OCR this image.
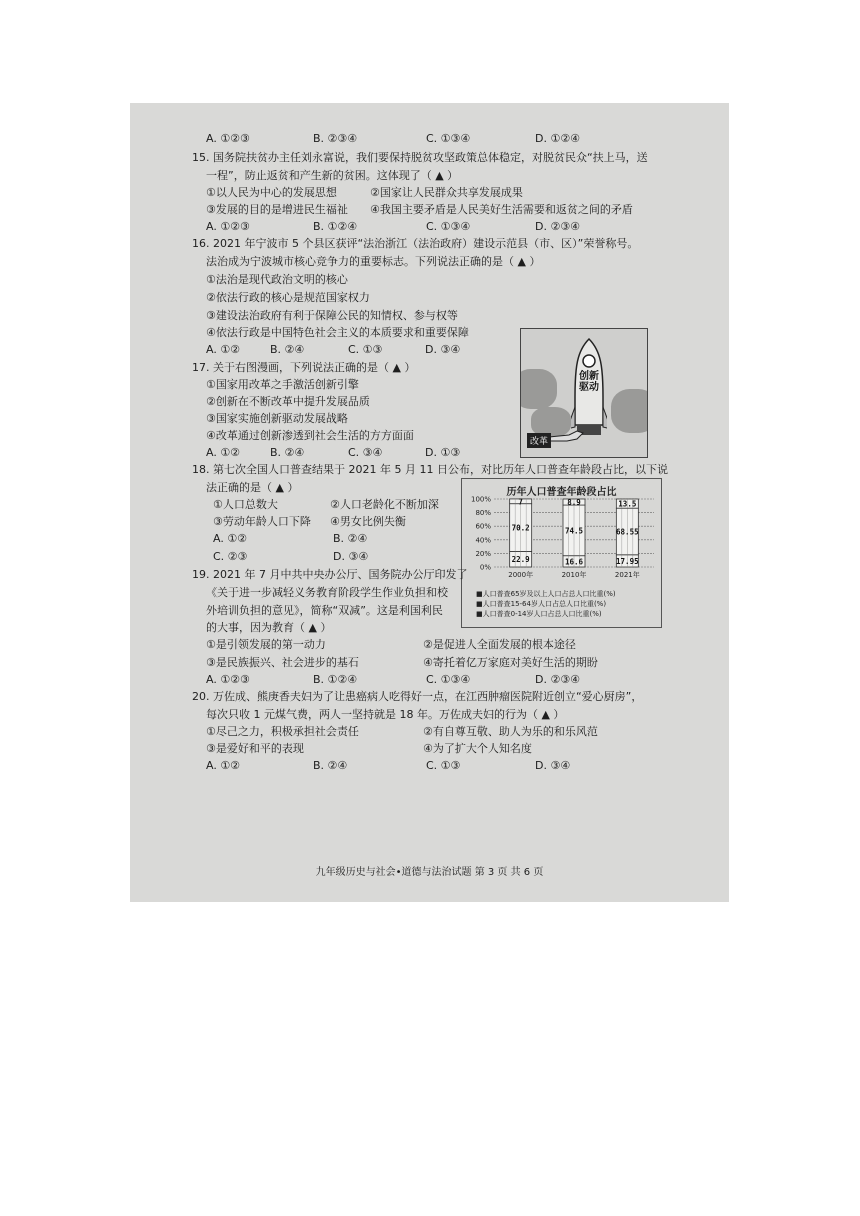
A. ①②③	B. ②③④	C. ①③④	D. ①②④
15. 国务院扶贫办主任刘永富说，我们要保持脱贫攻坚政策总体稳定，对脱贫民众“扶上马，送
一程”，防止返贫和产生新的贫困。这体现了（ ▲ ）
①以人民为中心的发展思想	②国家让人民群众共享发展成果
③发展的目的是增进民生福祉 ④我国主要矛盾是人民美好生活需要和返贫之间的矛盾
A. ①②③	B. ①②④	C. ①③④	D. ②③④
16. 2021 年宁波市 5 个县区获评“法治浙江（法治政府）建设示范县（市、区）”荣誉称号。
法治成为宁波城市核心竞争力的重要标志。下列说法正确的是（ ▲ ）
①法治是现代政治文明的核心
②依法行政的核心是规范国家权力
③建设法治政府有利于保障公民的知情权、参与权等
④依法行政是中国特色社会主义的本质要求和重要保障
A. ①②	B. ②④	C. ①③	D. ③④
17. 关于右图漫画，下列说法正确的是（ ▲ ）
①国家用改革之手激活创新引擎
②创新在不断改革中提升发展品质
③国家实施创新驱动发展战略
④改革通过创新渗透到社会生活的方方面面
A. ①②	B. ②④	C. ③④	D. ①③
创新驱动
改革
18. 第七次全国人口普查结果于 2021 年 5 月 11 日公布，对比历年人口普查年龄段占比，以下说
法正确的是（ ▲ ）
①人口总数大	②人口老龄化不断加深
③劳动年龄人口下降 ④男女比例失衡
A. ①②	B. ②④
C. ②③	D. ③④
历年人口普查年龄段占比
0%
20%
40%
60%
80%
100%
22.9
70.2
7
2000年
16.6
74.5
8.9
2010年
17.95
68.55
13.5
2021年
■人口普查65岁及以上人口占总人口比重(%)
■人口普查15-64岁人口占总人口比重(%)
■人口普查0-14岁人口占总人口比重(%)
19. 2021 年 7 月中共中央办公厅、国务院办公厅印发了
《关于进一步减轻义务教育阶段学生作业负担和校
外培训负担的意见》，简称“双减”。这是利国利民
的大事，因为教育（ ▲ ）
①是引领发展的第一动力	②是促进人全面发展的根本途径
③是民族振兴、社会进步的基石	④寄托着亿万家庭对美好生活的期盼
A. ①②③	B. ①②④	C. ①③④	D. ②③④
20. 万佐成、熊庚香夫妇为了让患癌病人吃得好一点，在江西肿瘤医院附近创立“爱心厨房”，
每次只收 1 元煤气费，两人一坚持就是 18 年。万佐成夫妇的行为（ ▲ ）
①尽己之力，积极承担社会责任	②有自尊互敬、助人为乐的和乐风范
③是爱好和平的表现	④为了扩大个人知名度
A. ①②	B. ②④	C. ①③	D. ③④
九年级历史与社会•道德与法治试题 第 3 页 共 6 页
